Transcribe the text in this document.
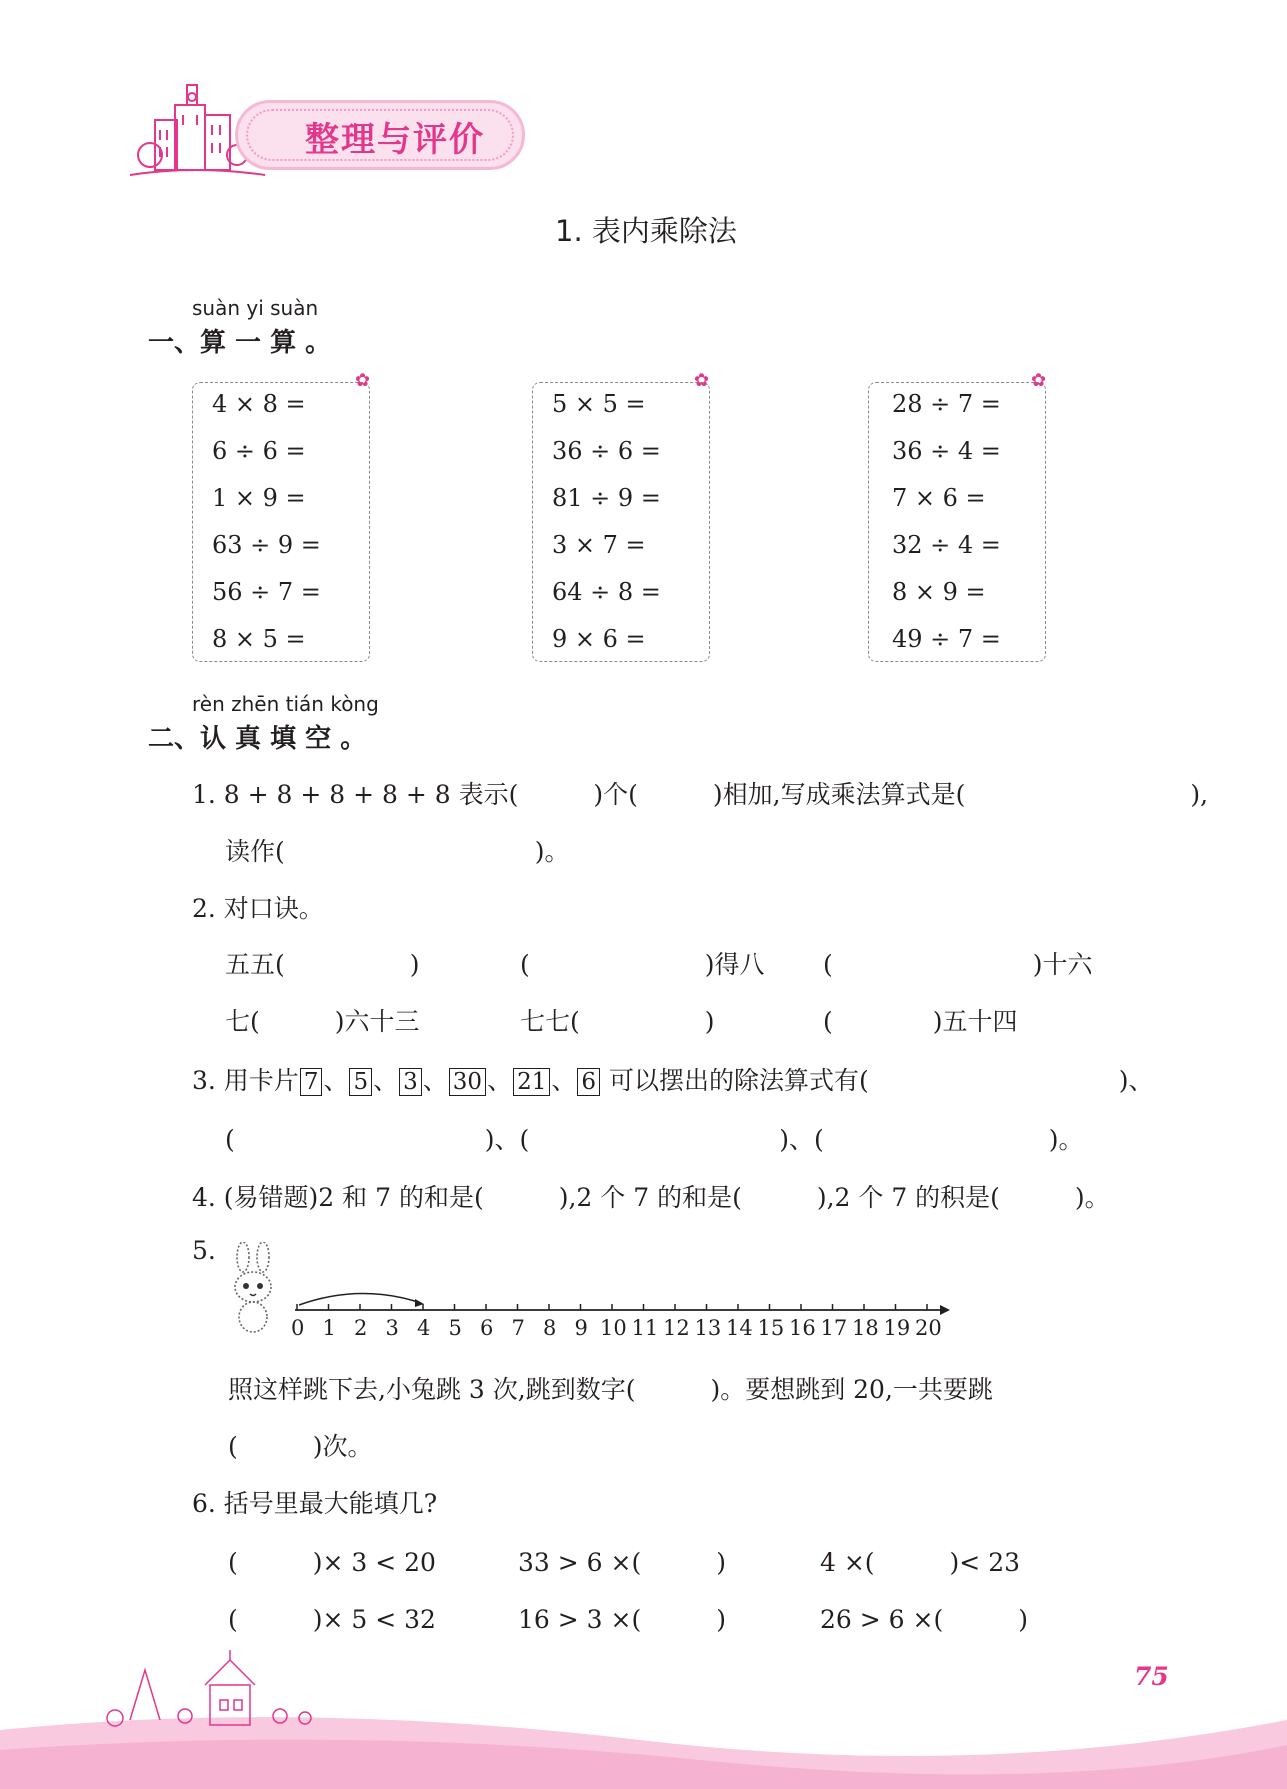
整理与评价
1. 表内乘除法
suàn yi suàn
一、算 一 算 。
✿	✿	✿
4 × 8 =
6 ÷ 6 =
1 × 9 =
63 ÷ 9 =
56 ÷ 7 =
8 × 5 =
5 × 5 =
36 ÷ 6 =
81 ÷ 9 =
3 × 7 =
64 ÷ 8 =
9 × 6 =
28 ÷ 7 =
36 ÷ 4 =
7 × 6 =
32 ÷ 4 =
8 × 9 =
49 ÷ 7 =
rèn zhēn tián kòng
二、认 真 填 空 。
1. 8 + 8 + 8 + 8 + 8 表示(　　　)个(　　　)相加,写成乘法算式是(　　　　　　　　　),
读作(　　　　　　　　　　)。
2. 对口诀。
五五(　　　　　)	(　　　　　　　)得八 (　　　　　　　　)十六
七(　　　)六十三	七七(　　　　　)	(　　　　)五十四
3. 用卡片 7 、 5 、 3 、 30 、 21 、 6 可以摆出的除法算式有(　　　　　　　　　　)、
(　　　　　　　　　　)、(　　　　　　　　　　)、(　　　　　　　　　)。
4. (易错题)2 和 7 的和是(　　　),2 个 7 的和是(　　　),2 个 7 的积是(　　　)。
5.
0 1 2 3 4 5 6 7 8 9 10 11 12 13 14 15 16 17 18 19 20
照这样跳下去,小兔跳 3 次,跳到数字(　　　)。要想跳到 20,一共要跳
(　　　)次。
6. 括号里最大能填几?
(　　　)× 3 < 20	33 > 6 ×(　　　)	4 ×(　　　)< 23
(　　　)× 5 < 32	16 > 3 ×(　　　)	26 > 6 ×(　　　)
75
